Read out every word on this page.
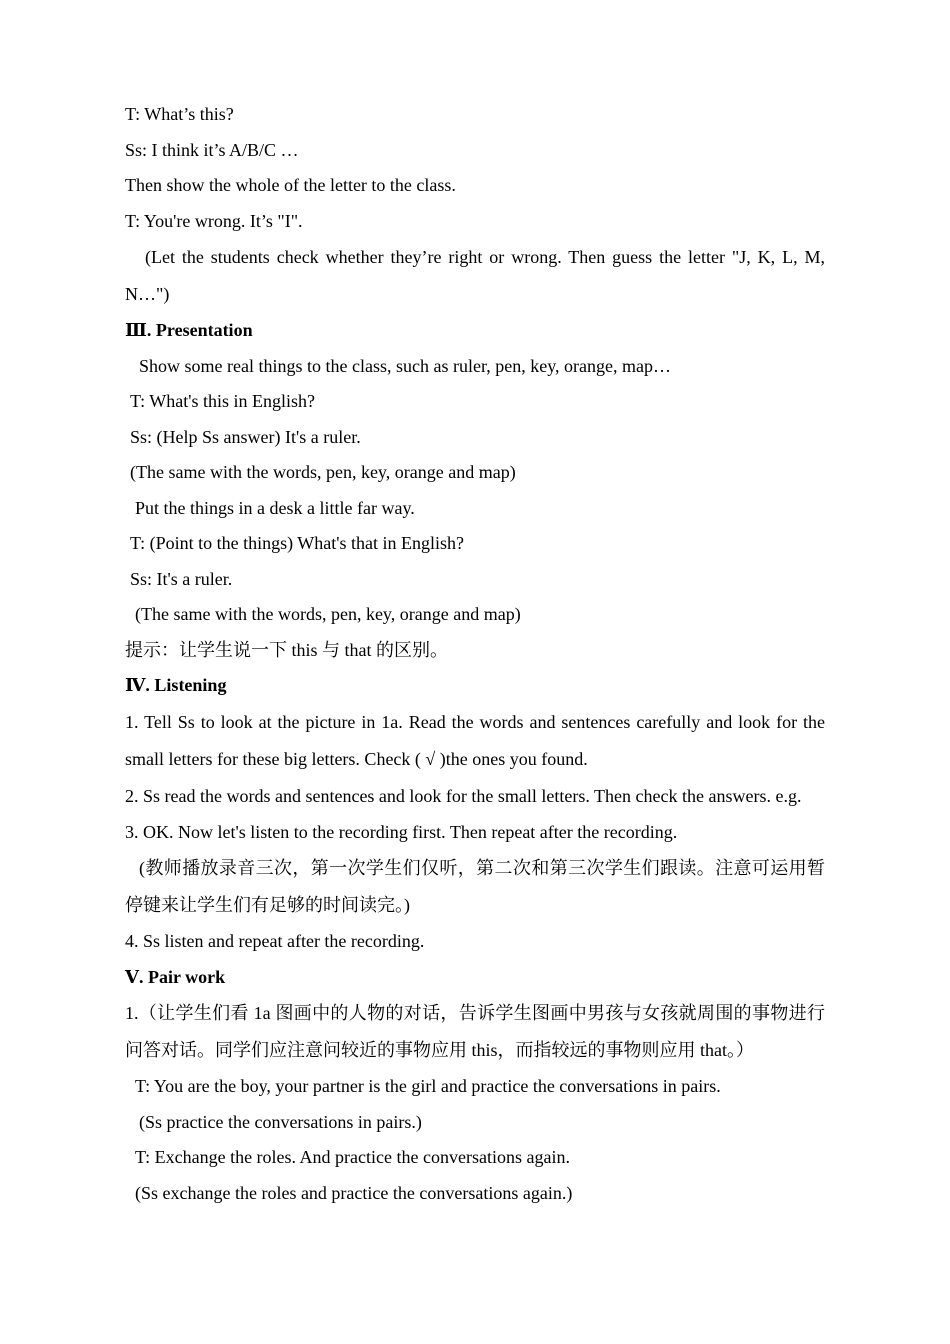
T: What’s this?

Ss: I think it’s A/B/C …

Then show the whole of the letter to the class.

T: You're wrong. It’s "I".

(Let the students check whether they’re right or wrong. Then guess the letter "J, K, L, M, N…")

Ⅲ. Presentation

Show some real things to the class, such as ruler, pen, key, orange, map…

T: What's this in English?

Ss: (Help Ss answer) It's a ruler.

(The same with the words, pen, key, orange and map)

Put the things in a desk a little far way.

T: (Point to the things) What's that in English?

Ss: It's a ruler.

(The same with the words, pen, key, orange and map)

提示：让学生说一下 this 与 that 的区别。

Ⅳ. Listening

1. Tell Ss to look at the picture in 1a. Read the words and sentences carefully and look for the small letters for these big letters. Check ( √ )the ones you found.

2. Ss read the words and sentences and look for the small letters. Then check the answers. e.g.

3. OK. Now let's listen to the recording first. Then repeat after the recording.

(教师播放录音三次，第一次学生们仅听，第二次和第三次学生们跟读。注意可运用暂停键来让学生们有足够的时间读完。)

4. Ss listen and repeat after the recording.

Ⅴ. Pair work

1.（让学生们看 1a 图画中的人物的对话，告诉学生图画中男孩与女孩就周围的事物进行问答对话。同学们应注意问较近的事物应用 this，而指较远的事物则应用 that。）

T: You are the boy, your partner is the girl and practice the conversations in pairs.

(Ss practice the conversations in pairs.)

T: Exchange the roles. And practice the conversations again.

(Ss exchange the roles and practice the conversations again.)
